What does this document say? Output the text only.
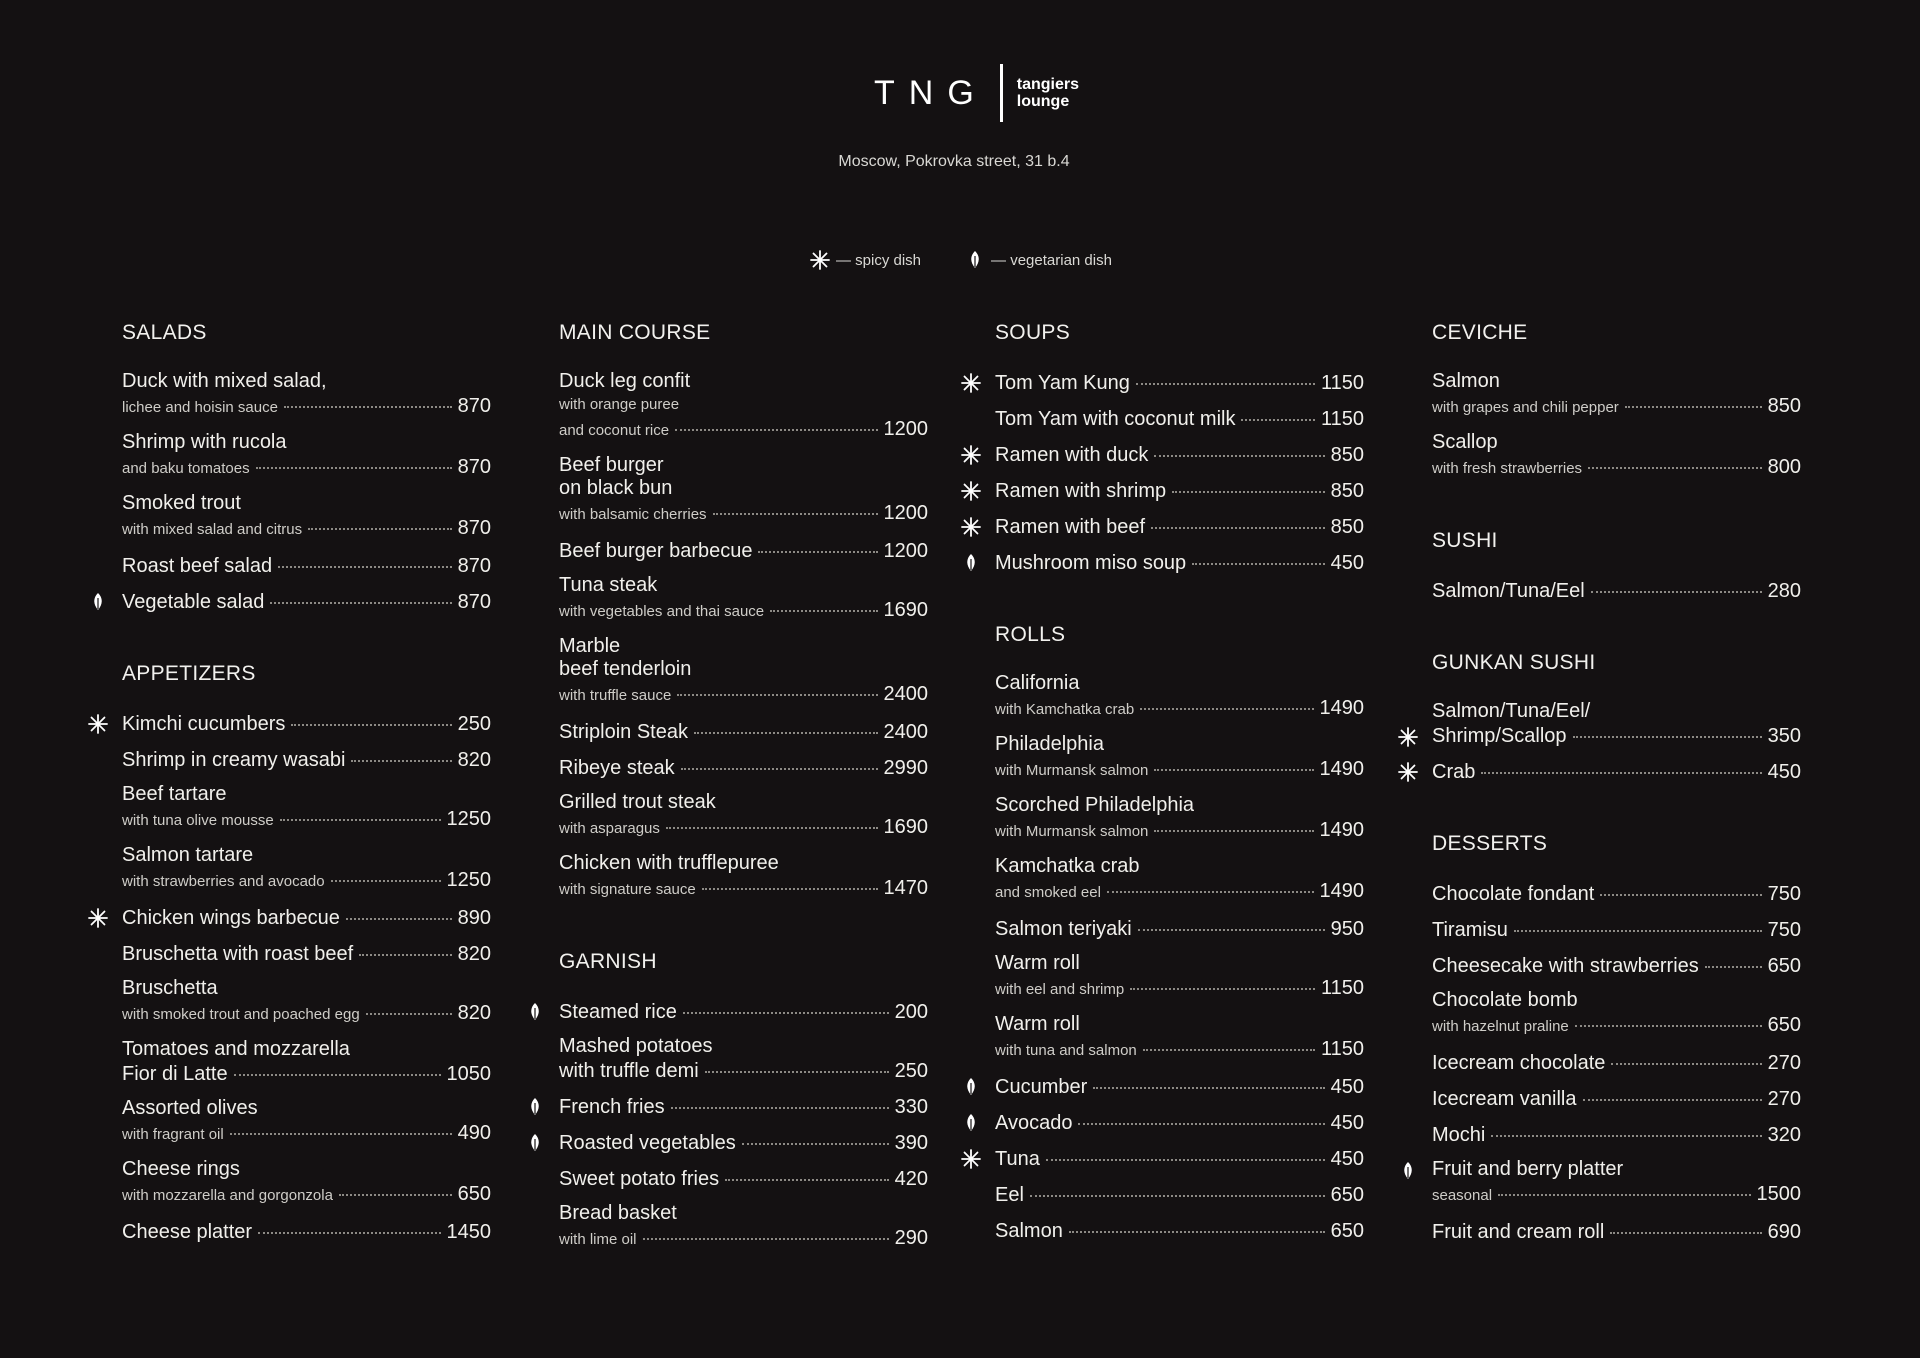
TNG	tangiers
lounge
Moscow, Pokrovka street, 31 b.4
— spicy dish	— vegetarian dish
SALADS
Duck with mixed salad,
lichee and hoisin sauce	870
Shrimp with rucola
and baku tomatoes	870
Smoked trout
with mixed salad and citrus	870
Roast beef salad	870
Vegetable salad	870
APPETIZERS
Kimchi cucumbers	250
Shrimp in creamy wasabi	820
Beef tartare
with tuna olive mousse	1250
Salmon tartare
with strawberries and avocado	1250
Chicken wings barbecue	890
Bruschetta with roast beef	820
Bruschetta
with smoked trout and poached egg	820
Tomatoes and mozzarella
Fior di Latte	1050
Assorted olives
with fragrant oil	490
Cheese rings
with mozzarella and gorgonzola	650
Cheese platter	1450
MAIN COURSE
Duck leg confit
with orange puree
and coconut rice	1200
Beef burger
on black bun
with balsamic cherries	1200
Beef burger barbecue	1200
Tuna steak
with vegetables and thai sauce	1690
Marble
beef tenderloin
with truffle sauce	2400
Striploin Steak	2400
Ribeye steak	2990
Grilled trout steak
with asparagus	1690
Chicken with trufflepuree
with signature sauce	1470
GARNISH
Steamed rice	200
Mashed potatoes
with truffle demi	250
French fries	330
Roasted vegetables	390
Sweet potato fries	420
Bread basket
with lime oil	290
SOUPS
Tom Yam Kung	1150
Tom Yam with coconut milk	1150
Ramen with duck	850
Ramen with shrimp	850
Ramen with beef	850
Mushroom miso soup	450
ROLLS
California
with Kamchatka crab	1490
Philadelphia
with Murmansk salmon	1490
Scorched Philadelphia
with Murmansk salmon	1490
Kamchatka crab
and smoked eel	1490
Salmon teriyaki	950
Warm roll
with eel and shrimp	1150
Warm roll
with tuna and salmon	1150
Cucumber	450
Avocado	450
Tuna	450
Eel	650
Salmon	650
CEVICHE
Salmon
with grapes and chili pepper	850
Scallop
with fresh strawberries	800
SUSHI
Salmon/Tuna/Eel	280
GUNKAN SUSHI
Salmon/Tuna/Eel/
Shrimp/Scallop	350
Crab	450
DESSERTS
Chocolate fondant	750
Tiramisu	750
Cheesecake with strawberries	650
Chocolate bomb
with hazelnut praline	650
Icecream chocolate	270
Icecream vanilla	270
Mochi	320
Fruit and berry platter
seasonal	1500
Fruit and cream roll	690
